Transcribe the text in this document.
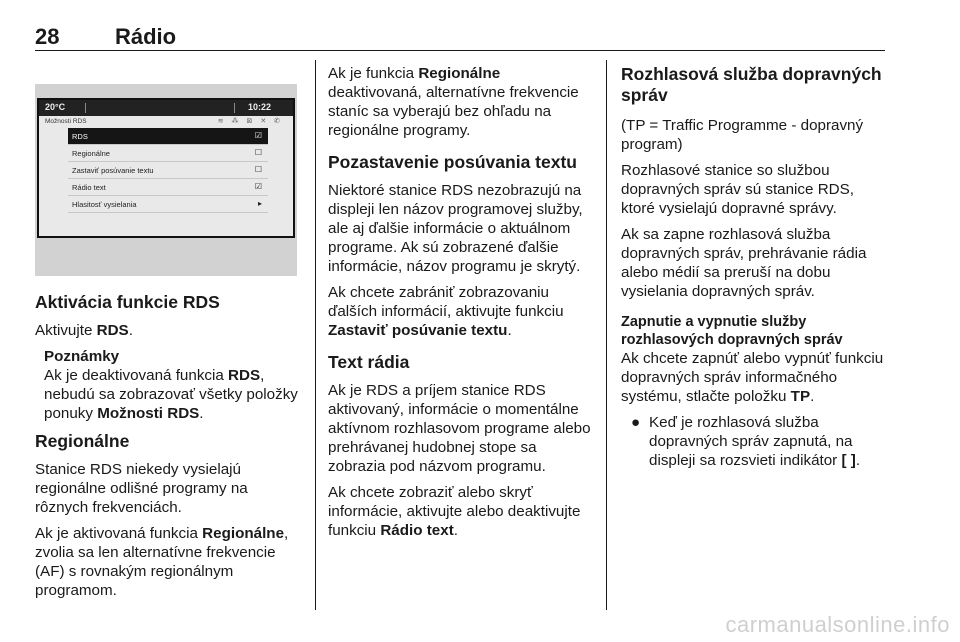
28	Rádio
20°C	10:22
Možnosti RDS	≋ ⁂ ⊠ ✕ ✆
RDS	☑
Regionálne	☐
Zastaviť posúvanie textu	☐
Rádio text	☑
Hlasitosť vysielania	▸
Aktivácia funkcie RDS

Aktivujte RDS.

Poznámky
Ak je deaktivovaná funkcia RDS, nebudú sa zobrazovať všetky položky ponuky Možnosti RDS.
Regionálne

Stanice RDS niekedy vysielajú regionálne odlišné programy na rôznych frekvenciách.

Ak je aktivovaná funkcia Regionálne, zvolia sa len alternatívne frekvencie (AF) s rovnakým regionálnym programom.

Ak je funkcia Regionálne deaktivovaná, alternatívne frekvencie staníc sa vyberajú bez ohľadu na regionálne programy.

Pozastavenie posúvania textu

Niektoré stanice RDS nezobrazujú na displeji len názov programovej služby, ale aj ďalšie informácie o aktuálnom programe. Ak sú zobrazené ďalšie informácie, názov programu je skrytý.

Ak chcete zabrániť zobrazovaniu ďalších informácií, aktivujte funkciu Zastaviť posúvanie textu.

Text rádia

Ak je RDS a príjem stanice RDS aktivovaný, informácie o momentálne aktívnom rozhlasovom programe alebo prehrávanej hudobnej stope sa zobrazia pod názvom programu.

Ak chcete zobraziť alebo skryť informácie, aktivujte alebo deaktivujte funkciu Rádio text.

Rozhlasová služba dopravných správ

(TP = Traffic Programme - dopravný program)

Rozhlasové stanice so službou dopravných správ sú stanice RDS, ktoré vysielajú dopravné správy.

Ak sa zapne rozhlasová služba dopravných správ, prehrávanie rádia alebo médií sa preruší na dobu vysielania dopravných správ.

Zapnutie a vypnutie služby rozhlasových dopravných správ

Ak chcete zapnúť alebo vypnúť funkciu dopravných správ informačného systému, stlačte položku TP.

● Keď je rozhlasová služba dopravných správ zapnutá, na displeji sa rozsvieti indikátor [ ].

carmanualsonline.info
